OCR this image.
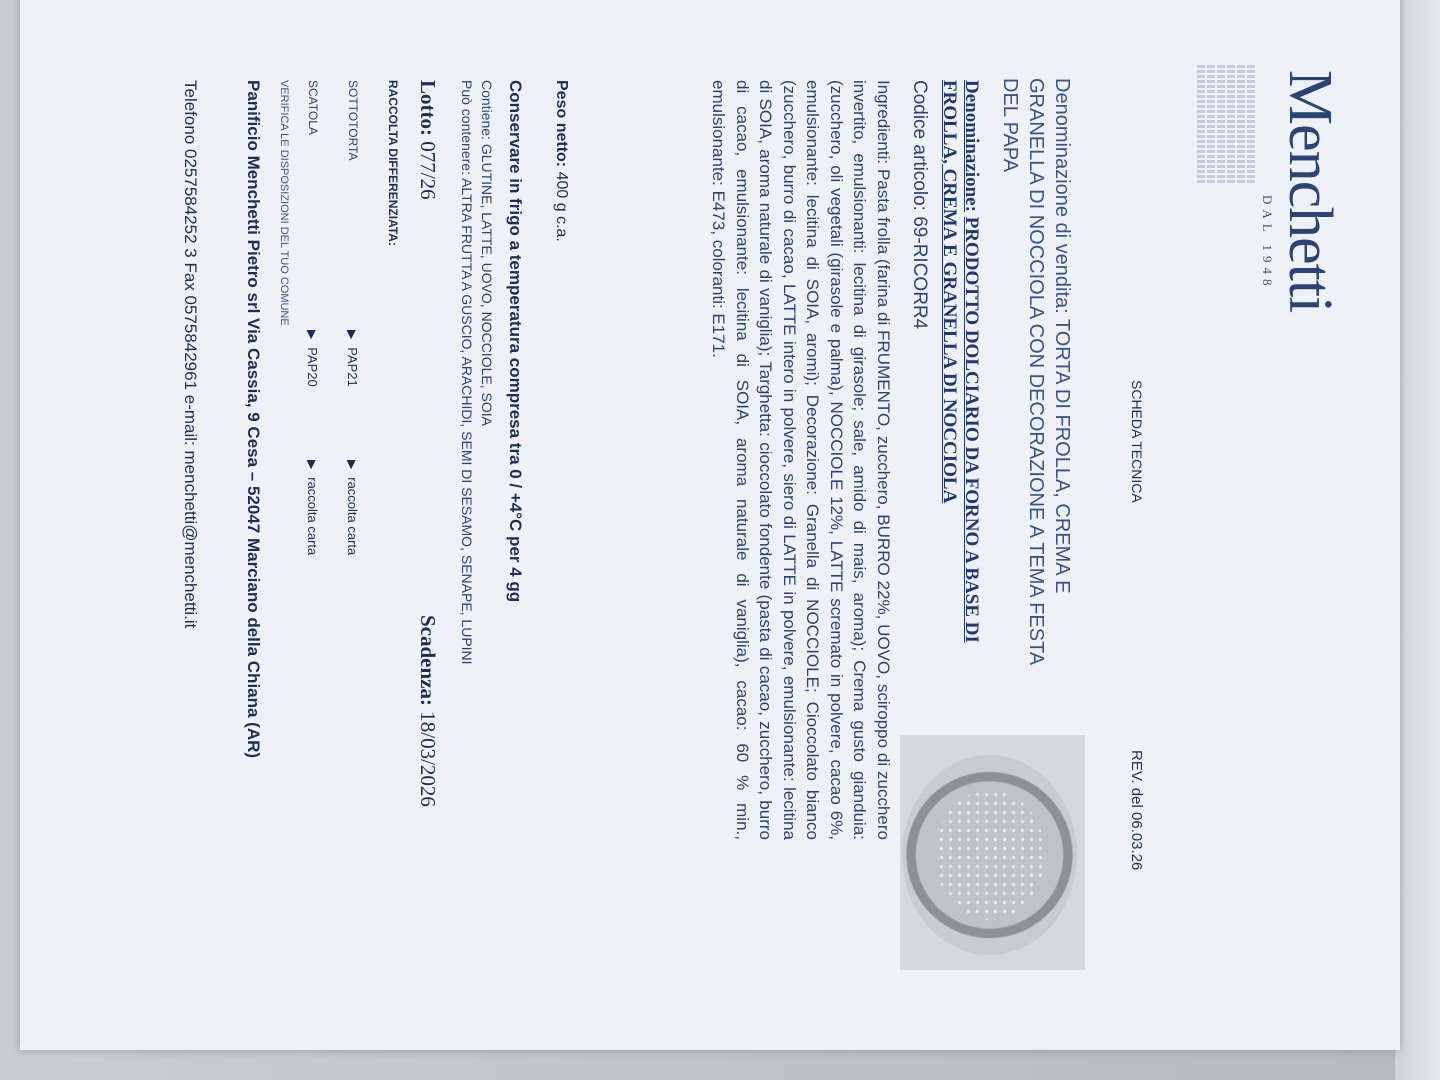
Menchetti
DAL 1948
SCHEDA TECNICA
REV. del 06.03.26
Denominazione di vendita: TORTA DI FROLLA, CREMA E GRANELLA DI NOCCIOLA CON DECORAZIONE A TEMA FESTA DEL PAPA
Denominazione: PRODOTTO DOLCIARIO DA FORNO A BASE DI FROLLA, CREMA E GRANELLA DI NOCCIOLA
Codice articolo: 69-RICORR4
Ingredienti: Pasta frolla (farina di FRUMENTO, zucchero, BURRO 22%, UOVO, sciroppo di zucchero invertito, emulsionanti: lecitina di girasole; sale, amido di mais, aroma); Crema gusto gianduia: (zucchero, oli vegetali (girasole e palma), NOCCIOLE 12%, LATTE scremato in polvere, cacao 6%, emulsionante: lecitina di SOIA, aromi); Decorazione: Granella di NOCCIOLE; Cioccolato bianco (zucchero, burro di cacao, LATTE intero in polvere, siero di LATTE in polvere, emulsionante: lecitina di SOIA, aroma naturale di vaniglia); Targhetta: cioccolato fondente (pasta di cacao, zucchero, burro di cacao, emulsionante: lecitina di SOIA, aroma naturale di vaniglia), cacao: 60 % min., emulsionante: E473, coloranti: E171.
Peso netto: 400 g c.a.
Conservare in frigo a temperatura compresa tra 0 / +4°C per 4 gg
Contiene: GLUTINE, LATTE, UOVO, NOCCIOLE, SOIA
Può contenere: ALTRA FRUTTA A GUSCIO, ARACHIDI, SEMI DI SESAMO, SENAPE, LUPINI
Lotto: 077/26
Scadenza: 18/03/2026
RACCOLTA DIFFERENZIATA:
SOTTOTORTA
▶PAP21
▶raccolta carta
SCATOLA
▶PAP20
▶raccolta carta
VERIFICA LE DISPOSIZIONI DEL TUO COMUNE
Panificio Menchetti Pietro srl Via Cassia, 9 Cesa – 52047 Marciano della Chiana (AR)
Telefono 0257584252 3 Fax 0575842961 e-mail: menchetti@menchetti.it
